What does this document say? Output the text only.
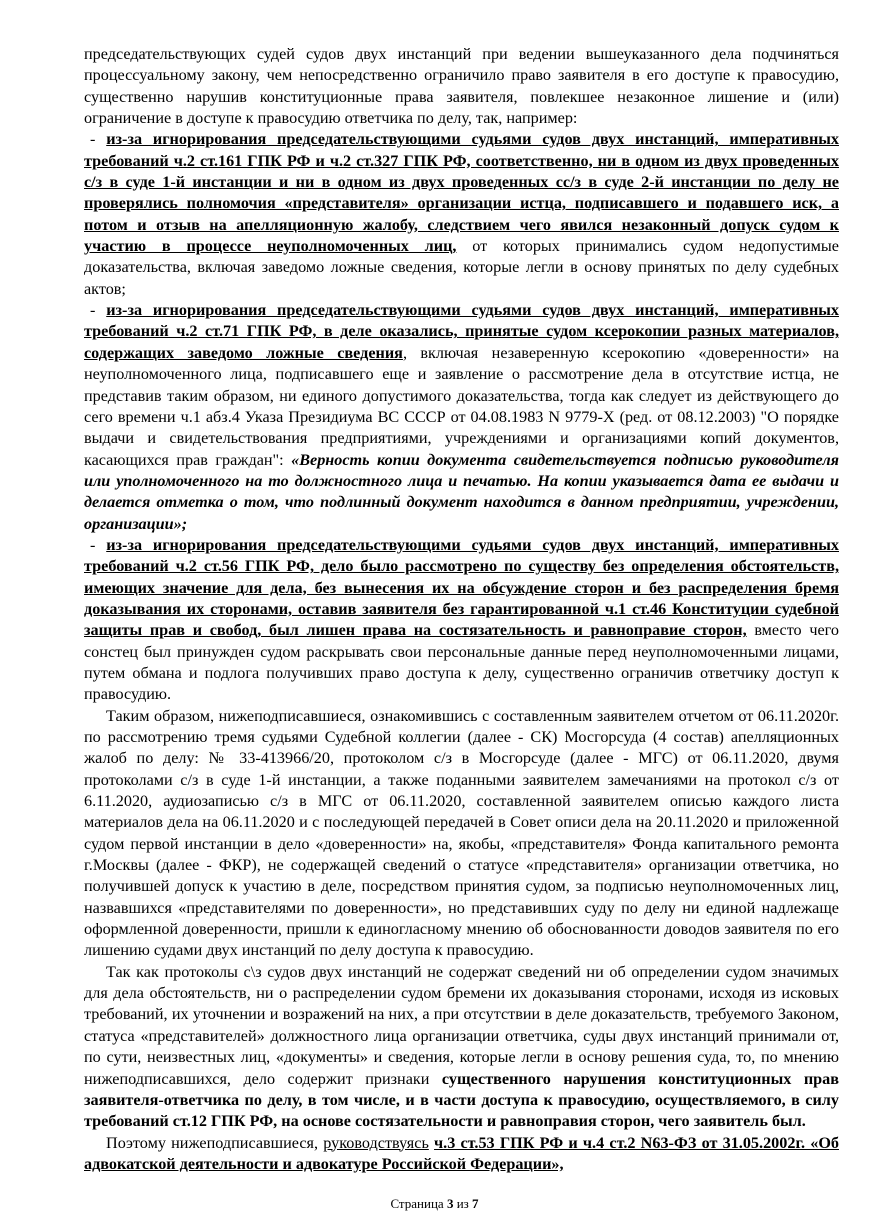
председательствующих судей судов двух инстанций при ведении вышеуказанного дела подчиняться процессуальному закону, чем непосредственно ограничило право заявителя в его доступе к правосудию, существенно нарушив конституционные права заявителя, повлекшее незаконное лишение и (или) ограничение в доступе к правосудию ответчика по делу, так, например:

- из-за игнорирования председательствующими судьями судов двух инстанций, императивных требований ч.2 ст.161 ГПК РФ и ч.2 ст.327 ГПК РФ, соответственно, ни в одном из двух проведенных с/з в суде 1-й инстанции и ни в одном из двух проведенных сс/з в суде 2-й инстанции по делу не проверялись полномочия «представителя» организации истца, подписавшего и подавшего иск, а потом и отзыв на апелляционную жалобу, следствием чего явился незаконный допуск судом к участию в процессе неуполномоченных лиц, от которых принимались судом недопустимые доказательства, включая заведомо ложные сведения, которые легли в основу принятых по делу судебных актов;

- из-за игнорирования председательствующими судьями судов двух инстанций, императивных требований ч.2 ст.71 ГПК РФ, в деле оказались, принятые судом ксерокопии разных материалов, содержащих заведомо ложные сведения, включая незаверенную ксерокопию «доверенности» на неуполномоченного лица, подписавшего еще и заявление о рассмотрение дела в отсутствие истца, не представив таким образом, ни единого допустимого доказательства, тогда как следует из действующего до сего времени ч.1 абз.4 Указа Президиума ВС СССР от 04.08.1983 N 9779-X (ред. от 08.12.2003) "О порядке выдачи и свидетельствования предприятиями, учреждениями и организациями копий документов, касающихся прав граждан": «Верность копии документа свидетельствуется подписью руководителя или уполномоченного на то должностного лица и печатью. На копии указывается дата ее выдачи и делается отметка о том, что подлинный документ находится в данном предприятии, учреждении, организации»;

- из-за игнорирования председательствующими судьями судов двух инстанций, императивных требований ч.2 ст.56 ГПК РФ, дело было рассмотрено по существу без определения обстоятельств, имеющих значение для дела, без вынесения их на обсуждение сторон и без распределения бремя доказывания их сторонами, оставив заявителя без гарантированной ч.1 ст.46 Конституции судебной защиты прав и свобод, был лишен права на состязательность и равноправие сторон, вместо чего сонстец был принужден судом раскрывать свои персональные данные перед неуполномоченными лицами, путем обмана и подлога получивших право доступа к делу, существенно ограничив ответчику доступ к правосудию.

Таким образом, нижеподписавшиеся, ознакомившись с составленным заявителем отчетом от 06.11.2020г. по рассмотрению тремя судьями Судебной коллегии (далее - СК) Мосгорсуда (4 состав) апелляционных жалоб по делу: № 33-413966/20, протоколом с/з в Мосгорсуде (далее - МГС) от 06.11.2020, двумя протоколами с/з в суде 1-й инстанции, а также поданными заявителем замечаниями на протокол с/з от 6.11.2020, аудиозаписью с/з в МГС от 06.11.2020, составленной заявителем описью каждого листа материалов дела на 06.11.2020 и с последующей передачей в Совет описи дела на 20.11.2020 и приложенной судом первой инстанции в дело «доверенности» на, якобы, «представителя» Фонда капитального ремонта г.Москвы (далее - ФКР), не содержащей сведений о статусе «представителя» организации ответчика, но получившей допуск к участию в деле, посредством принятия судом, за подписью неуполномоченных лиц, назвавшихся «представителями по доверенности», но представивших суду по делу ни единой надлежаще оформленной доверенности, пришли к единогласному мнению об обоснованности доводов заявителя по его лишению судами двух инстанций по делу доступа к правосудию.

Так как протоколы с\з судов двух инстанций не содержат сведений ни об определении судом значимых для дела обстоятельств, ни о распределении судом бремени их доказывания сторонами, исходя из исковых требований, их уточнении и возражений на них, а при отсутствии в деле доказательств, требуемого Законом, статуса «представителей» должностного лица организации ответчика, суды двух инстанций принимали от, по сути, неизвестных лиц, «документы» и сведения, которые легли в основу решения суда, то, по мнению нижеподписавшихся, дело содержит признаки существенного нарушения конституционных прав заявителя-ответчика по делу, в том числе, и в части доступа к правосудию, осуществляемого, в силу требований ст.12 ГПК РФ, на основе состязательности и равноправия сторон, чего заявитель был.

Поэтому нижеподписавшиеся, руководствуясь ч.3 ст.53 ГПК РФ и ч.4 ст.2 N63-ФЗ от 31.05.2002г. «Об адвокатской деятельности и адвокатуре Российской Федерации»,

Страница 3 из 7
